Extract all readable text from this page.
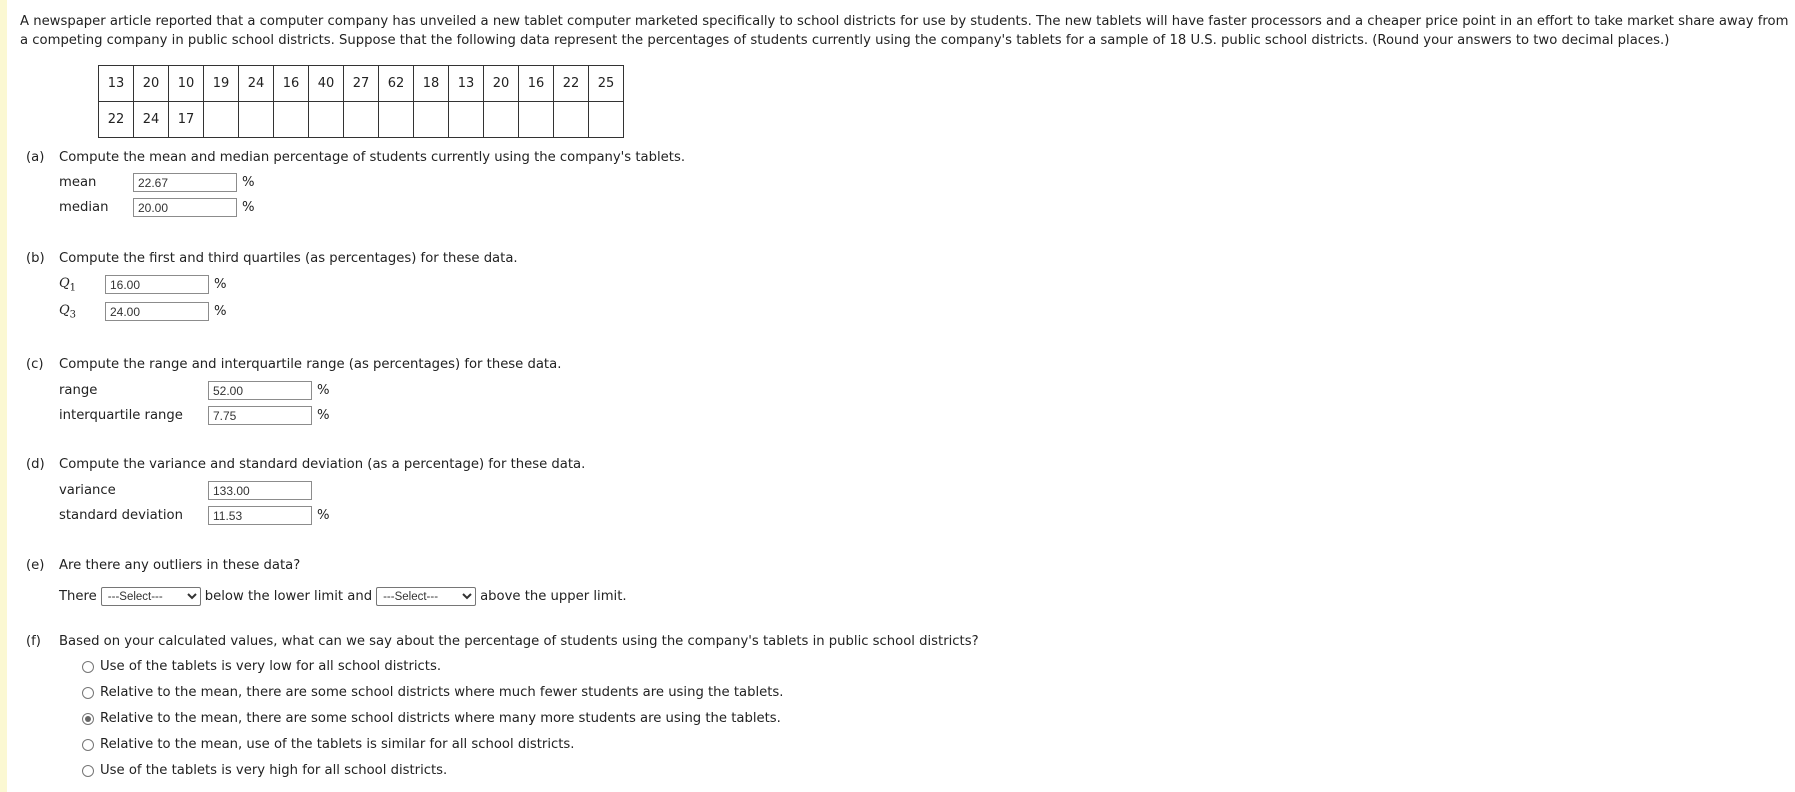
A newspaper article reported that a computer company has unveiled a new tablet computer marketed specifically to school districts for use by students. The new tablets will have faster processors and a cheaper price point in an effort to take market share away from a competing company in public school districts. Suppose that the following data represent the percentages of students currently using the company's tablets for a sample of 18 U.S. public school districts. (Round your answers to two decimal places.)
13	20	10	19	24	16	40	27	62	18	13	20	16	22	25
22	24	17												
(a) Compute the mean and median percentage of students currently using the company's tablets.
mean
22.67	%
median
20.00	%
(b) Compute the first and third quartiles (as percentages) for these data.
$Q_1$
16.00	%
$Q_3$
24.00	%
(c) Compute the range and interquartile range (as percentages) for these data.
range
52.00	%
interquartile range
7.75	%
(d) Compute the variance and standard deviation (as a percentage) for these data.
variance
133.00
standard deviation
11.53	%
(e) Are there any outliers in these data?
There
---Select---	below the lower limit and
---Select---	above the upper limit.
(f) Based on your calculated values, what can we say about the percentage of students using the company's tablets in public school districts?
Use of the tablets is very low for all school districts.
Relative to the mean, there are some school districts where much fewer students are using the tablets.
Relative to the mean, there are some school districts where many more students are using the tablets.
Relative to the mean, use of the tablets is similar for all school districts.
Use of the tablets is very high for all school districts.
